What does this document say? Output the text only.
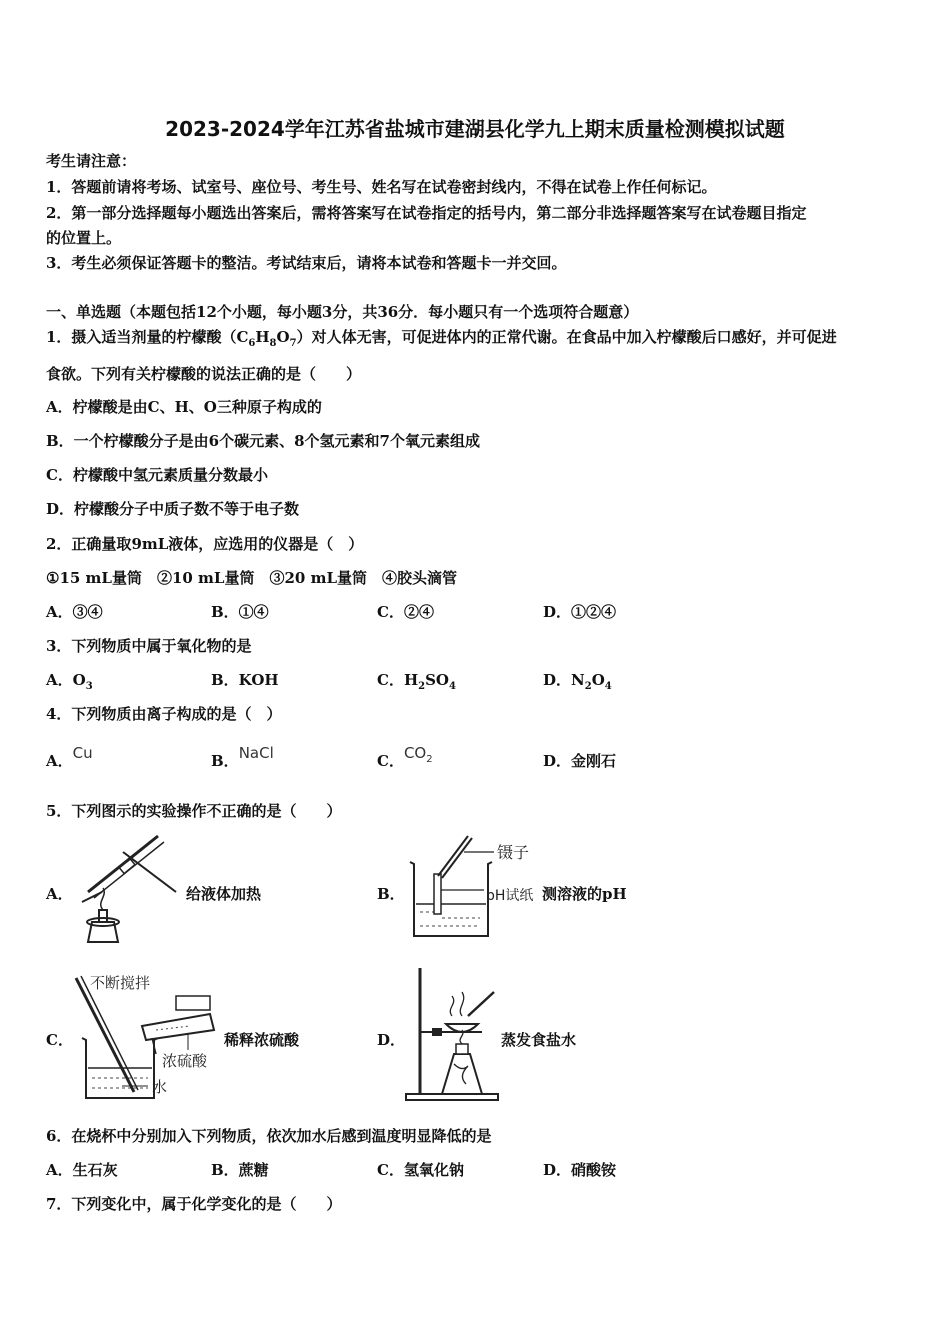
2023-2024学年江苏省盐城市建湖县化学九上期末质量检测模拟试题
考生请注意：
1．答题前请将考场、试室号、座位号、考生号、姓名写在试卷密封线内，不得在试卷上作任何标记。
2．第一部分选择题每小题选出答案后，需将答案写在试卷指定的括号内，第二部分非选择题答案写在试卷题目指定
的位置上。
3．考生必须保证答题卡的整洁。考试结束后，请将本试卷和答题卡一并交回。
一、单选题（本题包括12个小题，每小题3分，共36分．每小题只有一个选项符合题意）
1．摄入适当剂量的柠檬酸$(C_6H_8O_7)$对人体无害，可促进体内的正常代谢。在食品中加入柠檬酸后口感好，并可促进
食欲。下列有关柠檬酸的说法正确的是（　　）
A．柠檬酸是由C、H、O三种原子构成的
B．一个柠檬酸分子是由6个碳元素、8个氢元素和7个氧元素组成
C．柠檬酸中氢元素质量分数最小
D．柠檬酸分子中质子数不等于电子数
2．正确量取9mL液体，应选用的仪器是（　）
①15 mL量筒　②10 mL量筒　③20 mL量筒　④胶头滴管
A．③④	B．①④	C．②④	D．①②④
3．下列物质中属于氧化物的是
A．$O_3$	B．KOH	C．$H_2SO_4$	D．$N_2O_4$
4．下列物质由离子构成的是（　）
A．Cu	B．NaCl	C．$CO_2$	D．金刚石
5．下列图示的实验操作不正确的是（　　）
A．	给液体加热	B．
镊子
pH试纸 测溶液的pH
C．
不断搅拌
浓硫酸
水
稀释浓硫酸	D．	蒸发食盐水
6．在烧杯中分别加入下列物质，依次加水后感到温度明显降低的是
A．生石灰	B．蔗糖	C．氢氧化钠	D．硝酸铵
7．下列变化中，属于化学变化的是（　　）
